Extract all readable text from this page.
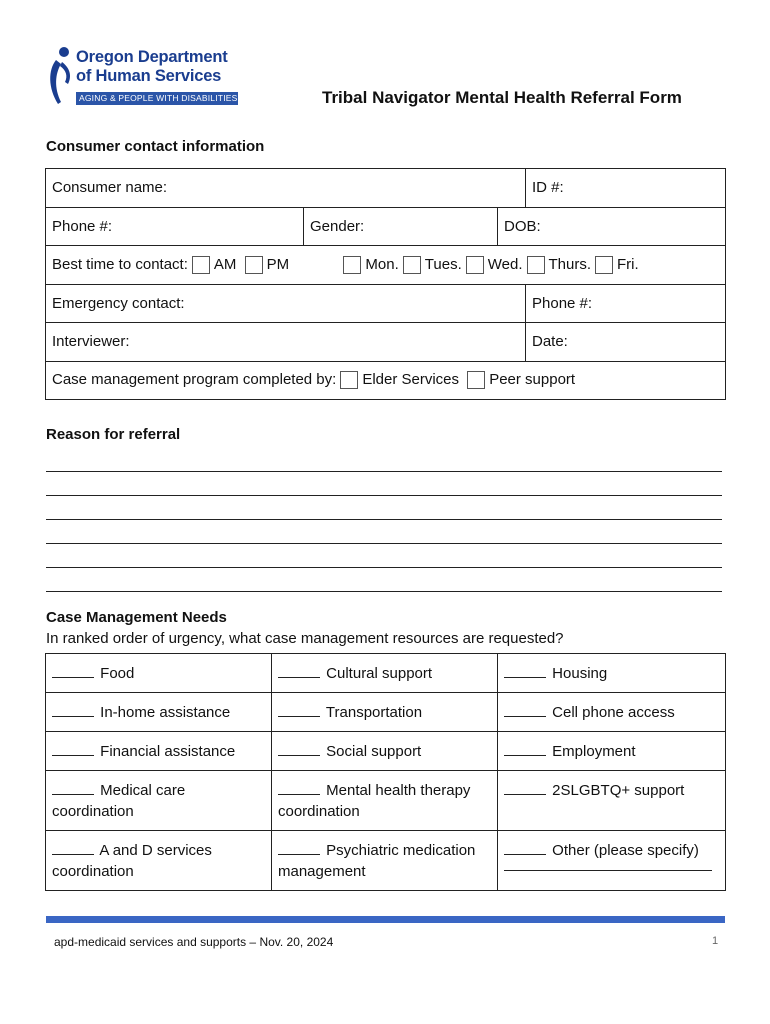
Oregon Department
of Human Services
AGING & PEOPLE WITH DISABILITIES	Tribal Navigator Mental Health Referral Form
Consumer contact information
Consumer name:			ID #:
Phone #:	Gender:	DOB:	
Best time to contact: AM PM Mon. Tues. Wed. Thurs. Fri.			
Emergency contact:			Phone #:
Interviewer:			Date:
Case management program completed by: Elder Services Peer support			
Reason for referral
Case Management Needs
In ranked order of urgency, what case management resources are requested?
Food	Cultural support	Housing
In-home assistance	Transportation	Cell phone access
Financial assistance	Social support	Employment
Medical care coordination	Mental health therapy coordination	2SLGBTQ+ support
A and D services coordination	Psychiatric medication management	Other (please specify)
apd-medicaid services and supports – Nov. 20, 2024	1
